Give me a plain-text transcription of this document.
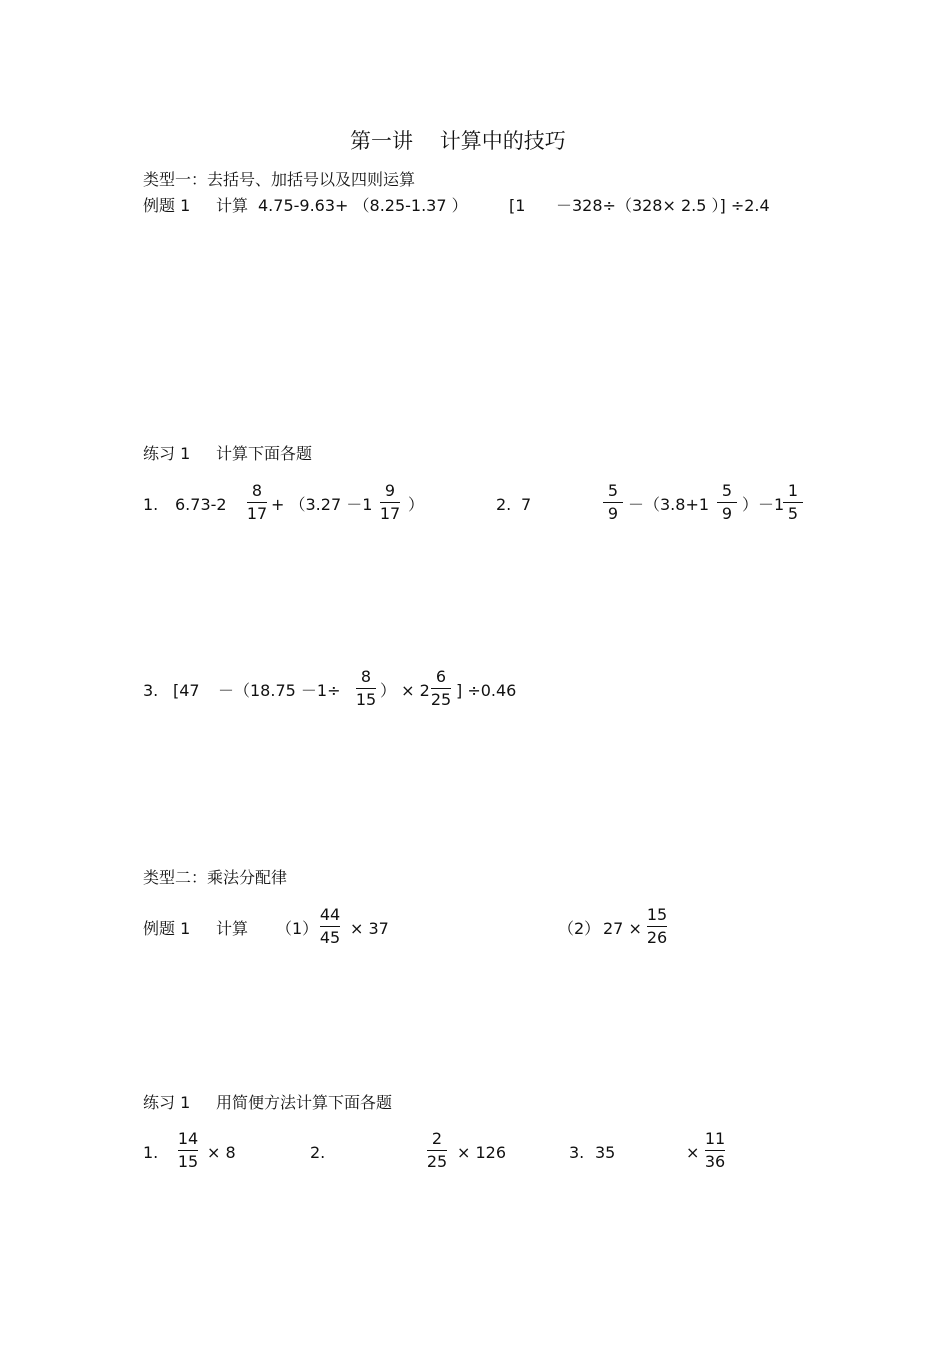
第一讲    计算中的技巧
类型一：去括号、加括号以及四则运算
例题 1 计算 4.75-9.63+ （8.25-1.37 ）	[1 －328÷（328× 2.5 ）] ÷2.4
练习 1 计算下面各题
1. 6.73-2
8
17 + （3.27 －1
9
17 ）	2. 7
5
9 －（3.8+1
5
9 ）－1
1
5
3. [47 －（18.75 －1÷
8
15 ） × 2
6
25 ] ÷0.46
类型二：乘法分配律
例题 1 计算 （1）
44
45 × 37	（2） 27 ×
15
26
练习 1 用简便方法计算下面各题
1.
14
15 × 8	2.
2
25 × 126	3. 35	×
11
36
